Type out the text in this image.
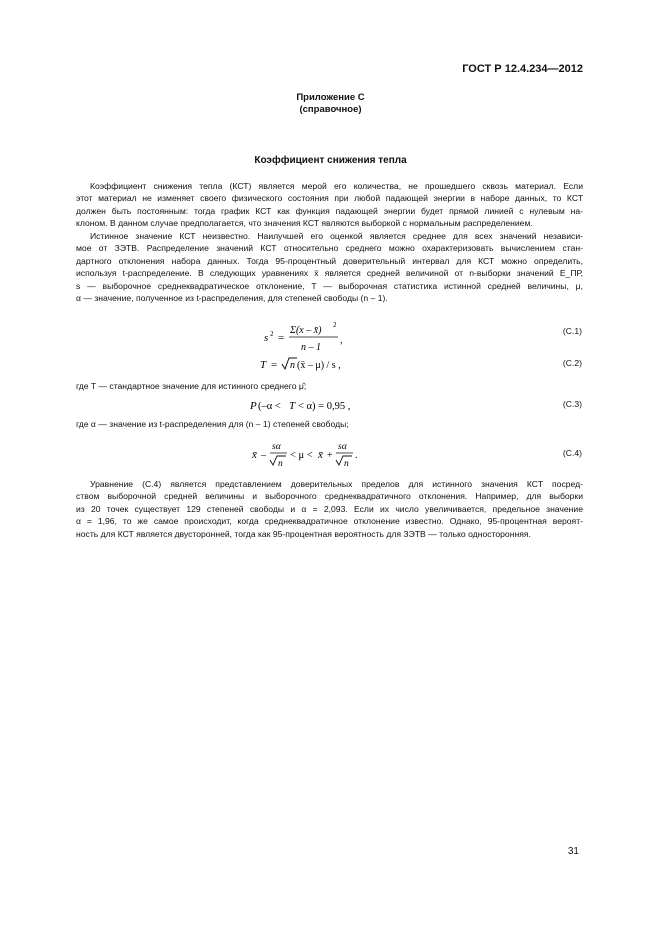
ГОСТ Р 12.4.234—2012
Приложение С
(справочное)
Коэффициент снижения тепла
Коэффициент снижения тепла (КСТ) является мерой его количества, не прошедшего сквозь материал. Если
этот материал не изменяет своего физического состояния при любой падающей энергии в наборе данных, то КСТ
должен быть постоянным: тогда график КСТ как функция падающей энергии будет прямой линией с нулевым на-
клоном. В данном случае предполагается, что значения КСТ являются выборкой с нормальным распределением.
Истинное значение КСТ неизвестно. Наилучшей его оценкой является среднее для всех значений независи-
мое от ЗЭТВ. Распределение значений КСТ относительно среднего можно охарактеризовать вычислением стан-
дартного отклонения набора данных. Тогда 95-процентный доверительный интервал для КСТ можно определить,
используя t-распределение. В следующих уравнениях x̄ является средней величиной от n-выборки значений E_ПР,
s — выборочное среднеквадратическое отклонение, T — выборочная статистика истинной средней величины, μ,
α — значение, полученное из t-распределения, для степеней свободы (n – 1).
s 2 =
Σ(x – x̄) 2
n – 1
,
(С.1)
T = n (x̄ – μ) / s ,	(С.2)
где T — стандартное значение для истинного среднего μ̂;
P (–α < T < α) = 0,95 ,	(С.3)
где α — значение из t-распределения для (n – 1) степеней свободы;
x̄ –
sα
n
< μ < x̄ +
sα
n
.	(С.4)
Уравнение (С.4) является представлением доверительных пределов для истинного значения КСТ посред-
ством выборочной средней величины и выборочного среднеквадратичного отклонения. Например, для выборки
из 20 точек существует 129 степеней свободы и α = 2,093. Если их число увеличивается, предельное значение
α = 1,96, то же самое происходит, когда среднеквадратичное отклонение известно. Однако, 95-процентная вероят-
ность для КСТ является двусторонней, тогда как 95-процентная вероятность для ЗЭТВ — только односторонняя.
31
